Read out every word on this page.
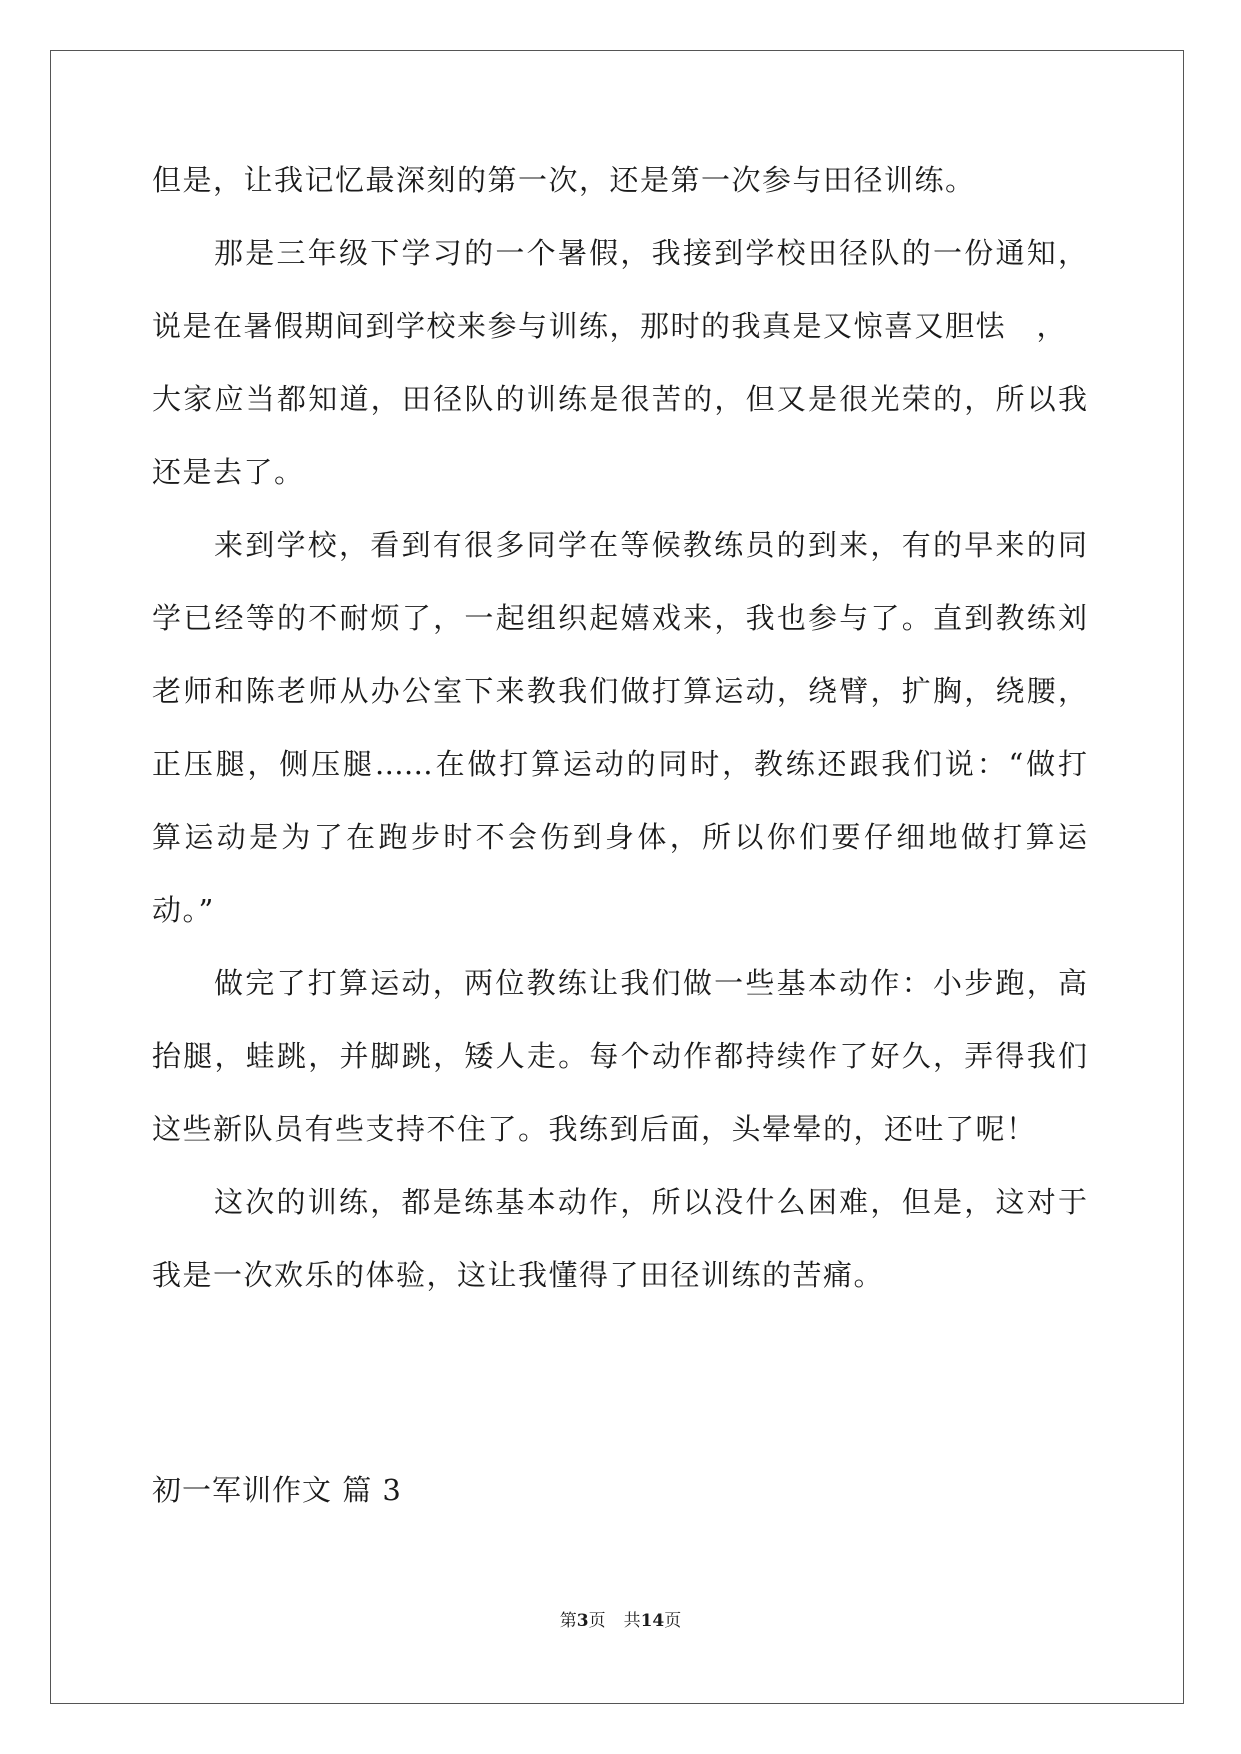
但是，让我记忆最深刻的第一次，还是第一次参与田径训练。
那是三年级下学习的一个暑假，我接到学校田径队的一份通知，
说是在暑假期间到学校来参与训练，那时的我真是又惊喜又胆怯　，
大家应当都知道，田径队的训练是很苦的，但又是很光荣的，所以我
还是去了。
来到学校，看到有很多同学在等候教练员的到来，有的早来的同
学已经等的不耐烦了，一起组织起嬉戏来，我也参与了。直到教练刘
老师和陈老师从办公室下来教我们做打算运动，绕臂，扩胸，绕腰，
正压腿，侧压腿……在做打算运动的同时，教练还跟我们说：“做打
算运动是为了在跑步时不会伤到身体，所以你们要仔细地做打算运
动。”
做完了打算运动，两位教练让我们做一些基本动作：小步跑，高
抬腿，蛙跳，并脚跳，矮人走。每个动作都持续作了好久，弄得我们
这些新队员有些支持不住了。我练到后面，头晕晕的，还吐了呢！
这次的训练，都是练基本动作，所以没什么困难，但是，这对于
我是一次欢乐的体验，这让我懂得了田径训练的苦痛。
初一军训作文 篇 3
第3页 共14页
